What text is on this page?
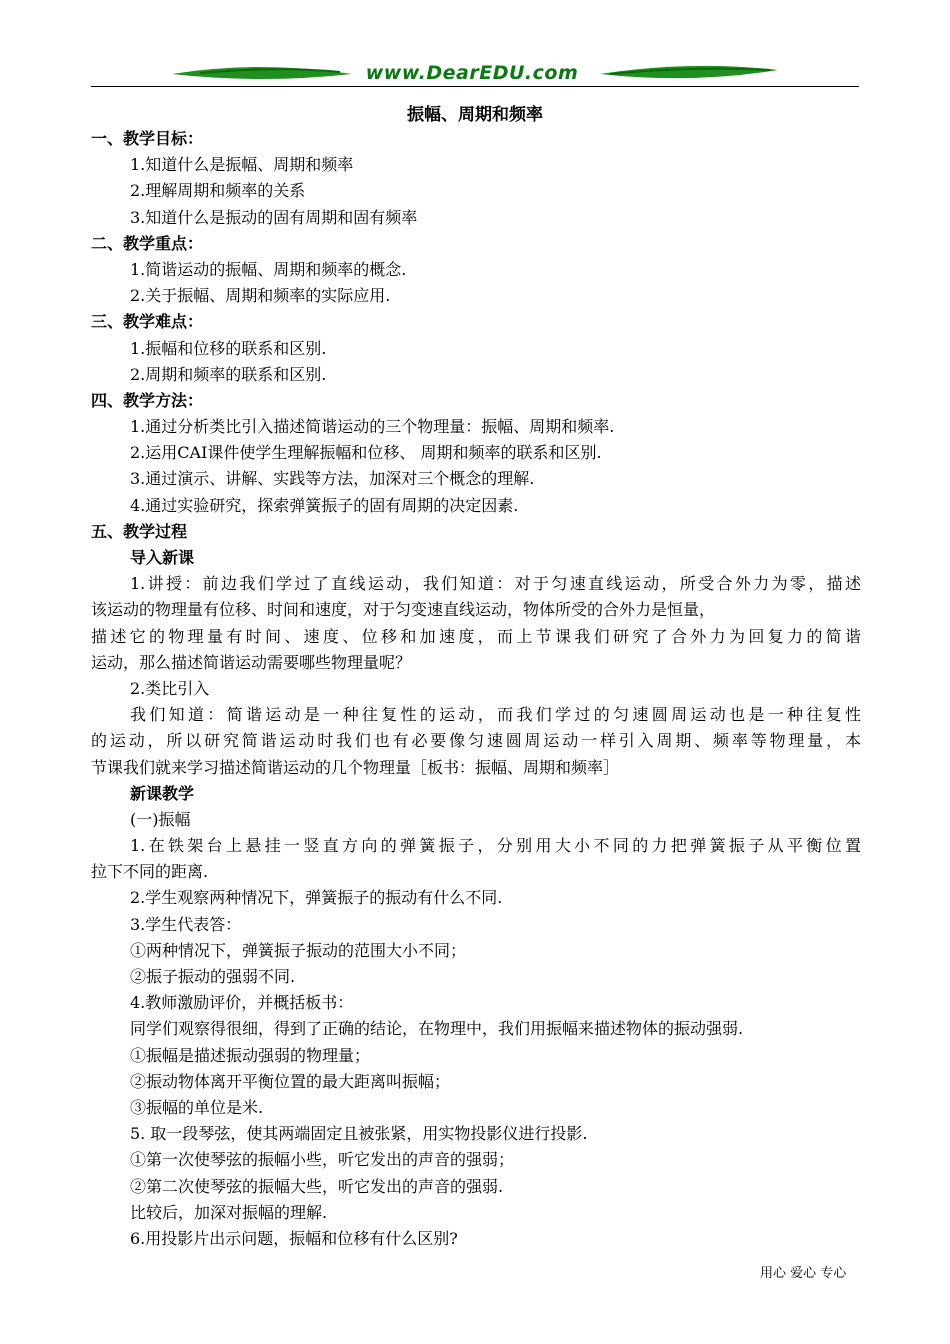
www.DearEDU.com
振幅、周期和频率
一、教学目标：
1.知道什么是振幅、周期和频率
2.理解周期和频率的关系
3.知道什么是振动的固有周期和固有频率
二、教学重点：
1.简谐运动的振幅、周期和频率的概念.
2.关于振幅、周期和频率的实际应用.
三、教学难点：
1.振幅和位移的联系和区别.
2.周期和频率的联系和区别.
四、教学方法：
1.通过分析类比引入描述简谐运动的三个物理量：振幅、周期和频率.
2.运用CAI课件使学生理解振幅和位移、 周期和频率的联系和区别.
3.通过演示、讲解、实践等方法，加深对三个概念的理解.
4.通过实验研究，探索弹簧振子的固有周期的决定因素.
五、教学过程
导入新课
1.讲授：前边我们学过了直线运动，我们知道：对于匀速直线运动，所受合外力为零，描述
该运动的物理量有位移、时间和速度，对于匀变速直线运动，物体所受的合外力是恒量，
描述它的物理量有时间、速度、位移和加速度，而上节课我们研究了合外力为回复力的简谐
运动，那么描述简谐运动需要哪些物理量呢？
2.类比引入
我们知道：简谐运动是一种往复性的运动，而我们学过的匀速圆周运动也是一种往复性
的运动，所以研究简谐运动时我们也有必要像匀速圆周运动一样引入周期、频率等物理量，本
节课我们就来学习描述简谐运动的几个物理量［板书：振幅、周期和频率］
新课教学
(一)振幅
1.在铁架台上悬挂一竖直方向的弹簧振子，分别用大小不同的力把弹簧振子从平衡位置
拉下不同的距离.
2.学生观察两种情况下，弹簧振子的振动有什么不同.
3.学生代表答：
①两种情况下，弹簧振子振动的范围大小不同；
②振子振动的强弱不同.
4.教师激励评价，并概括板书：
同学们观察得很细，得到了正确的结论，在物理中，我们用振幅来描述物体的振动强弱.
①振幅是描述振动强弱的物理量；
②振动物体离开平衡位置的最大距离叫振幅；
③振幅的单位是米.
5. 取一段琴弦，使其两端固定且被张紧，用实物投影仪进行投影.
①第一次使琴弦的振幅小些，听它发出的声音的强弱；
②第二次使琴弦的振幅大些，听它发出的声音的强弱.
比较后，加深对振幅的理解.
6.用投影片出示问题，振幅和位移有什么区别?
用心 爱心 专心
